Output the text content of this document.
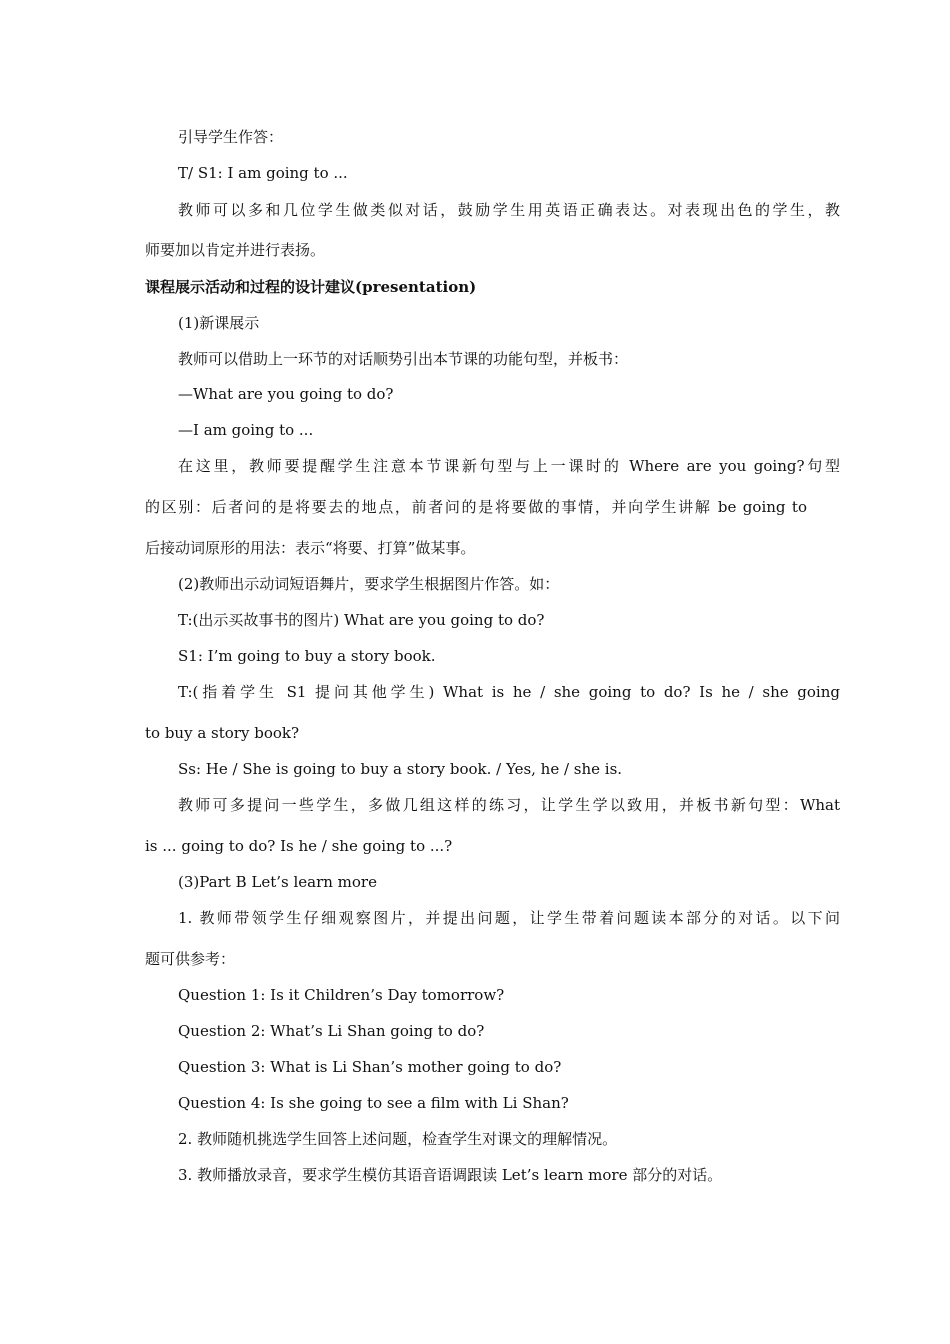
引导学生作答：
T/ S1: I am going to ...
教师可以多和几位学生做类似对话，鼓励学生用英语正确表达。对表现出色的学生，教
师要加以肯定并进行表扬。
课程展示活动和过程的设计建议(presentation)
(1)新课展示
教师可以借助上一环节的对话顺势引出本节课的功能句型，并板书：
—What are you going to do?
—I am going to ...
在这里，教师要提醒学生注意本节课新句型与上一课时的 Where are you going?句型
的区别：后者问的是将要去的地点，前者问的是将要做的事情，并向学生讲解 be going to
后接动词原形的用法：表示“将要、打算”做某事。
(2)教师出示动词短语舞片，要求学生根据图片作答。如：
T:(出示买故事书的图片) What are you going to do?
S1: I’m going to buy a story book.
T:(指着学生 S1 提问其他学生) What is he / she going to do? Is he / she going
to buy a story book?
Ss: He / She is going to buy a story book. / Yes, he / she is.
教师可多提问一些学生，多做几组这样的练习，让学生学以致用，并板书新句型：What
is ... going to do? Is he / she going to ...?
(3)Part B Let’s learn more
1. 教师带领学生仔细观察图片，并提出问题，让学生带着问题读本部分的对话。以下问
题可供参考：
Question 1: Is it Children’s Day tomorrow?
Question 2: What’s Li Shan going to do?
Question 3: What is Li Shan’s mother going to do?
Question 4: Is she going to see a film with Li Shan?
2. 教师随机挑选学生回答上述问题，检查学生对课文的理解情况。
3. 教师播放录音，要求学生模仿其语音语调跟读 Let’s learn more 部分的对话。
